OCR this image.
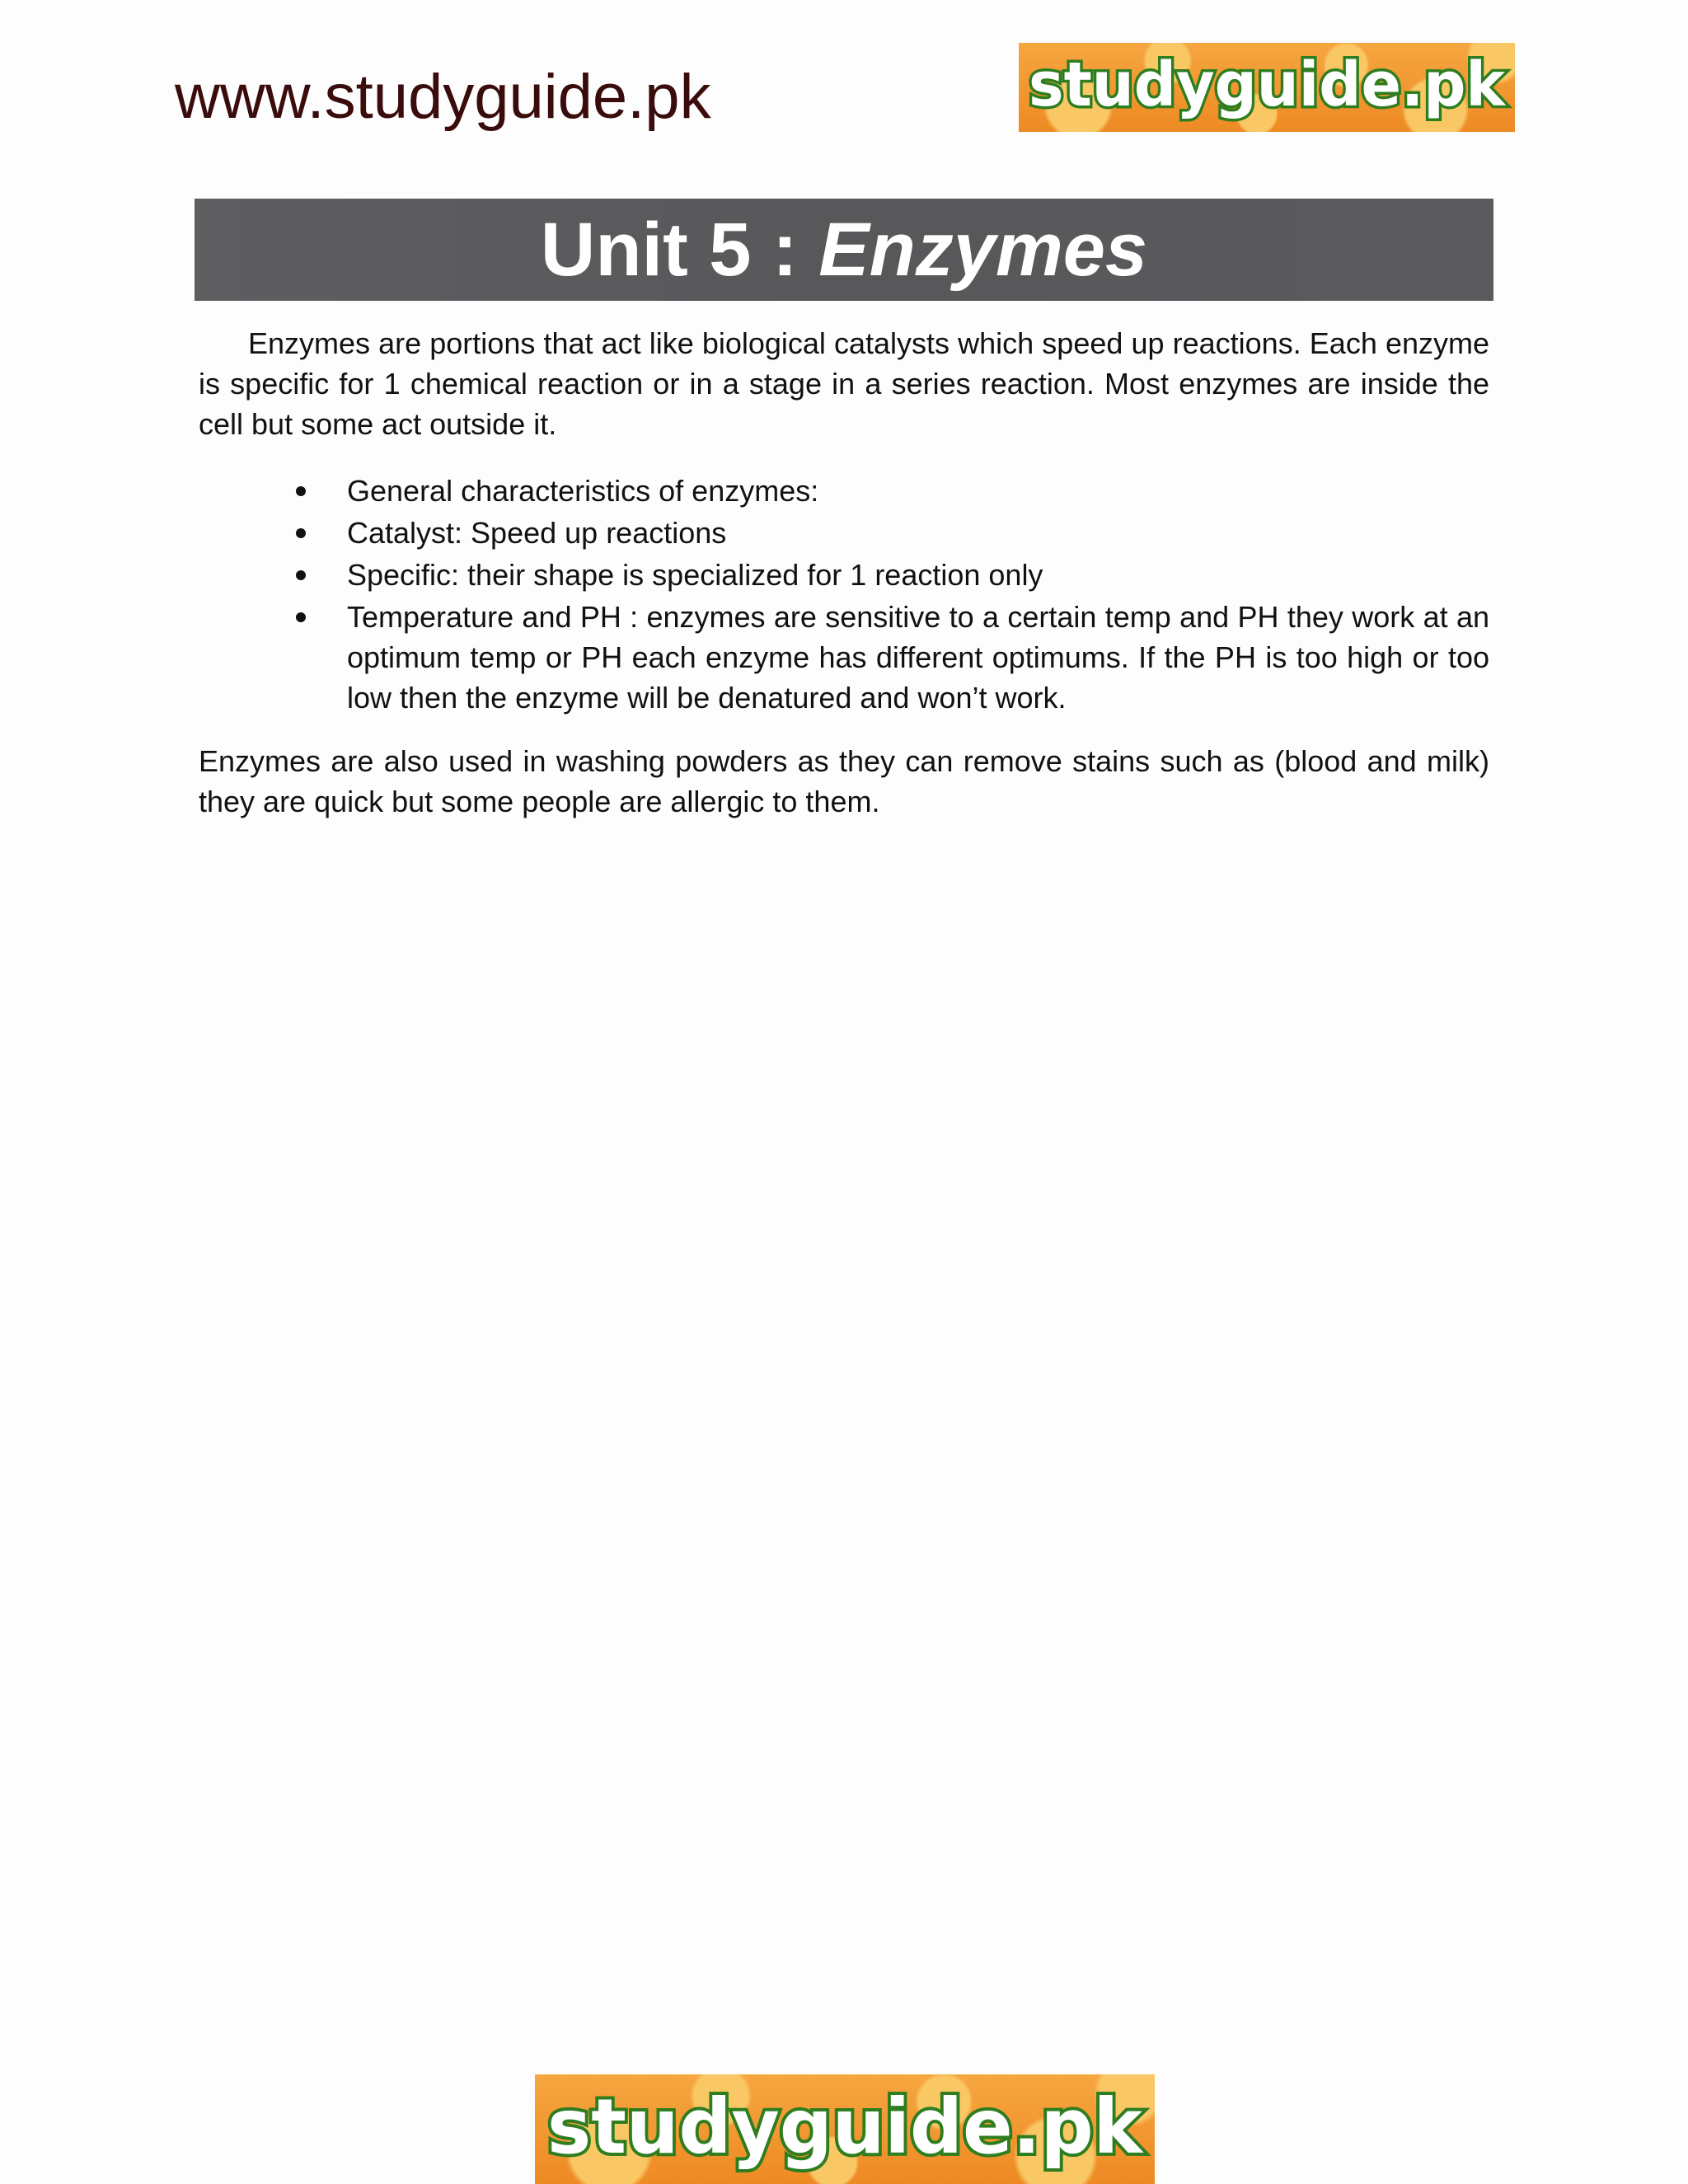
www.studyguide.pk	studyguide.pk
Unit 5 : Enzymes

Enzymes are portions that act like biological catalysts which speed up reactions. Each enzyme is specific for 1 chemical reaction or in a stage in a series reaction. Most enzymes are inside the cell but some act outside it.

General characteristics of enzymes:
Catalyst: Speed up reactions
Specific: their shape is specialized for 1 reaction only
Temperature and PH : enzymes are sensitive to a certain temp and PH they work at an optimum temp or PH each enzyme has different optimums. If the PH is too high or too low then the enzyme will be denatured and won’t work.

Enzymes are also used in washing powders as they can remove stains such as (blood and milk) they are quick but some people are allergic to them.

studyguide.pk
